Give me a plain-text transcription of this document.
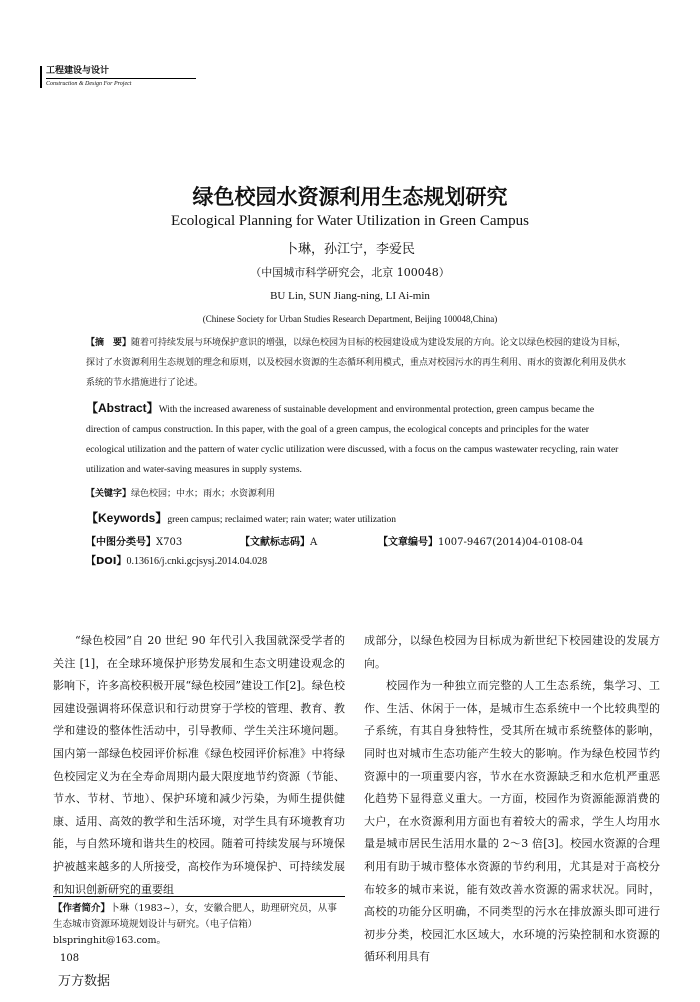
工程建设与设计
Construction & Design For Project
绿色校园水资源利用生态规划研究
Ecological Planning for Water Utilization in Green Campus
卜琳，孙江宁，李爱民
（中国城市科学研究会，北京 100048）
BU Lin, SUN Jiang-ning, LI Ai-min
(Chinese Society for Urban Studies Research Department, Beijing 100048,China)
【摘　要】随着可持续发展与环境保护意识的增强，以绿色校园为目标的校园建设成为建设发展的方向。论文以绿色校园的建设为目标，探讨了水资源利用生态规划的理念和原则，以及校园水资源的生态循环利用模式，重点对校园污水的再生利用、雨水的资源化利用及供水系统的节水措施进行了论述。
【Abstract】With the increased awareness of sustainable development and environmental protection, green campus became the direction of campus construction. In this paper, with the goal of a green campus, the ecological concepts and principles for the water ecological utilization and the pattern of water cyclic utilization were discussed, with a focus on the campus wastewater recycling, rain water utilization and water-saving measures in supply systems.
【关键字】绿色校园；中水；雨水；水资源利用
【Keywords】green campus; reclaimed water; rain water; water utilization
【中图分类号】X703	【文献标志码】A	【文章编号】1007-9467(2014)04-0108-04
【DOI】0.13616/j.cnki.gcjsysj.2014.04.028

“绿色校园”自 20 世纪 90 年代引入我国就深受学者的关注 [1]，在全球环境保护形势发展和生态文明建设观念的影响下，许多高校积极开展“绿色校园”建设工作[2]。绿色校园建设强调将环保意识和行动贯穿于学校的管理、教育、教学和建设的整体性活动中，引导教师、学生关注环境问题。国内第一部绿色校园评价标准《绿色校园评价标准》中将绿色校园定义为在全寿命周期内最大限度地节约资源（节能、节水、节材、节地）、保护环境和减少污染，为师生提供健康、适用、高效的教学和生活环境，对学生具有环境教育功能，与自然环境和谐共生的校园。随着可持续发展与环境保护被越来越多的人所接受，高校作为环境保护、可持续发展和知识创新研究的重要组

成部分，以绿色校园为目标成为新世纪下校园建设的发展方向。

校园作为一种独立而完整的人工生态系统，集学习、工作、生活、休闲于一体，是城市生态系统中一个比较典型的子系统，有其自身独特性，受其所在城市系统整体的影响，同时也对城市生态功能产生较大的影响。作为绿色校园节约资源中的一项重要内容，节水在水资源缺乏和水危机严重恶化趋势下显得意义重大。一方面，校园作为资源能源消费的大户，在水资源利用方面也有着较大的需求，学生人均用水量是城市居民生活用水量的 2～3 倍[3]。校园水资源的合理利用有助于城市整体水资源的节约利用，尤其是对于高校分布较多的城市来说，能有效改善水资源的需求状况。同时，高校的功能分区明确，不同类型的污水在排放源头即可进行初步分类，校园汇水区域大，水环境的污染控制和水资源的循环利用具有

【作者简介】卜琳（1983~），女，安徽合肥人，助理研究员，从事生态城市资源环境规划设计与研究。（电子信箱）blspringhit@163.com。
108
万方数据
